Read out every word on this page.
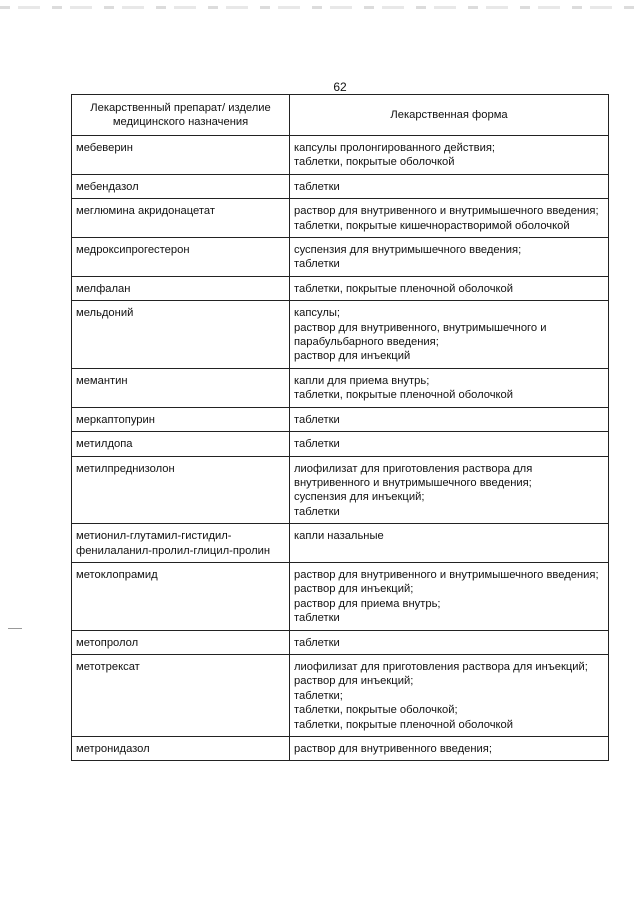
62
Лекарственный препарат/ изделие медицинского назначения	Лекарственная форма
мебеверин	капсулы пролонгированного действия;
таблетки, покрытые оболочкой

мебендазол	таблетки

меглюмина акридонацетат	раствор для внутривенного и внутримышечного введения;
таблетки, покрытые кишечнорастворимой оболочкой

медроксипрогестерон	суспензия для внутримышечного введения;
таблетки

мелфалан	таблетки, покрытые пленочной оболочкой

мельдоний	капсулы;
раствор для внутривенного, внутримышечного и парабульбарного введения;
раствор для инъекций

мемантин	капли для приема внутрь;
таблетки, покрытые пленочной оболочкой

меркаптопурин	таблетки

метилдопа	таблетки

метилпреднизолон	лиофилизат для приготовления раствора для внутривенного и внутримышечного введения;
суспензия для инъекций;
таблетки

метионил-глутамил-гистидил-фенилаланил-пролил-глицил-пролин	капли назальные

метоклопрамид	раствор для внутривенного и внутримышечного введения;
раствор для инъекций;
раствор для приема внутрь;
таблетки

метопролол	таблетки

метотрексат	лиофилизат для приготовления раствора для инъекций;
раствор для инъекций;
таблетки;
таблетки, покрытые оболочкой;
таблетки, покрытые пленочной оболочкой

метронидазол	раствор для внутривенного введения;
